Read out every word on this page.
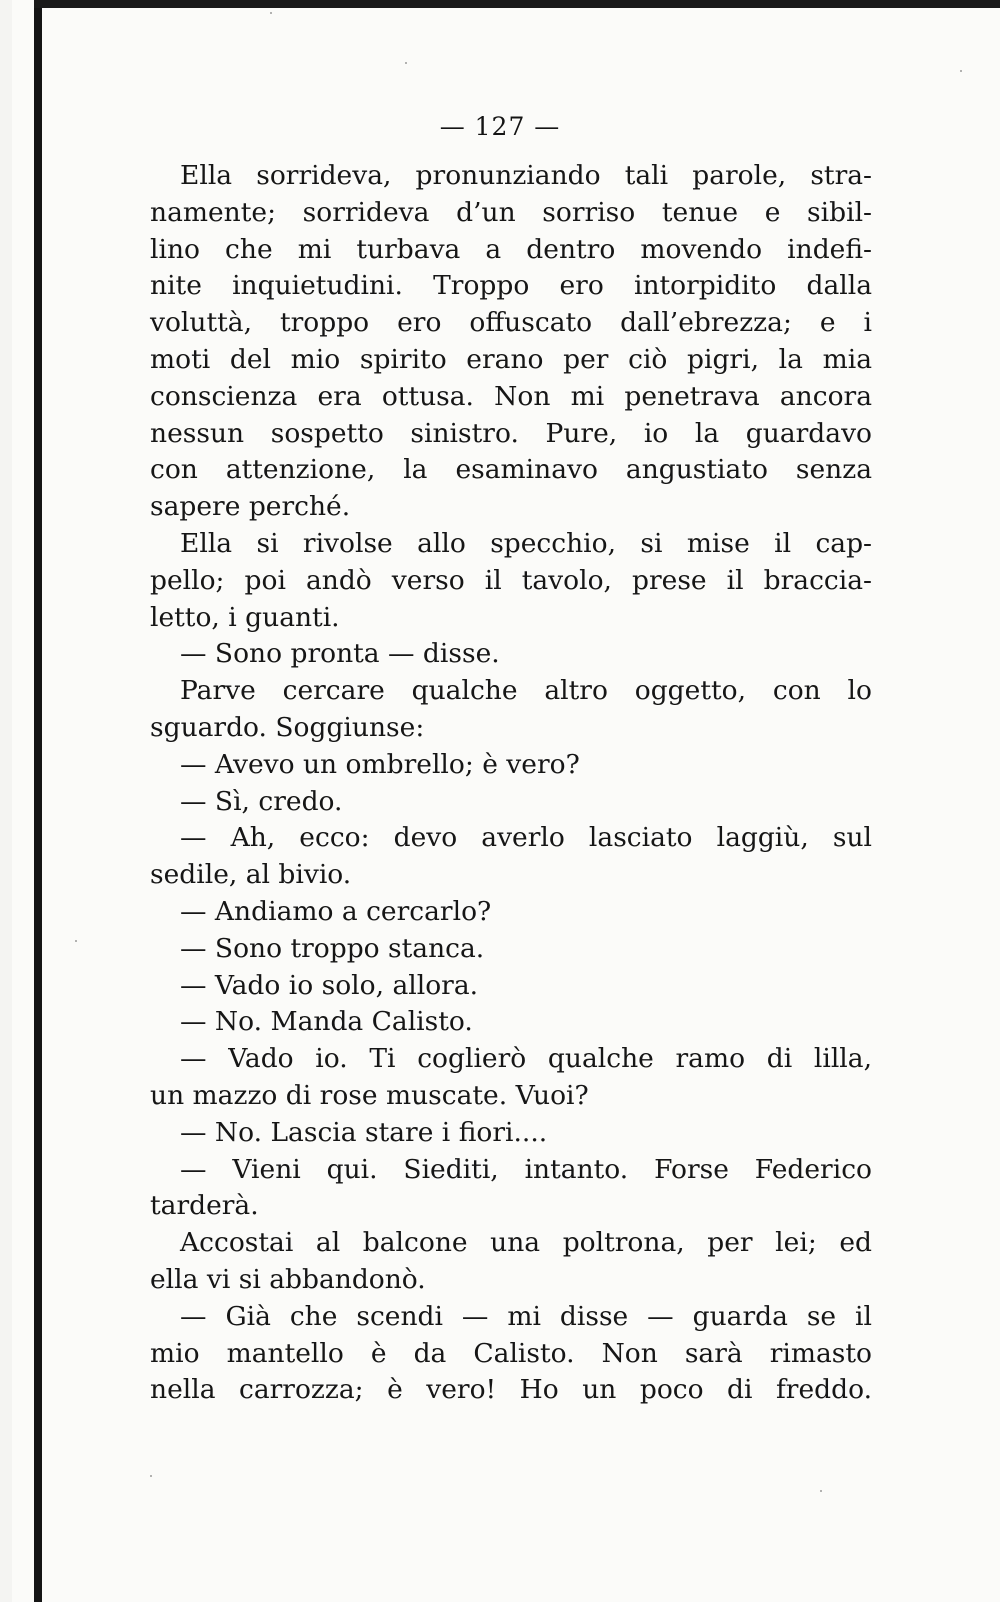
— 127 —
Ella sorrideva, pronunziando tali parole, stra-
namente; sorrideva d’un sorriso tenue e sibil-
lino che mi turbava a dentro movendo indefi-
nite inquietudini. Troppo ero intorpidito dalla
voluttà, troppo ero offuscato dall’ebrezza; e i
moti del mio spirito erano per ciò pigri, la mia
conscienza era ottusa. Non mi penetrava ancora
nessun sospetto sinistro. Pure, io la guardavo
con attenzione, la esaminavo angustiato senza
sapere perché.
Ella si rivolse allo specchio, si mise il cap-
pello; poi andò verso il tavolo, prese il braccia-
letto, i guanti.
— Sono pronta — disse.
Parve cercare qualche altro oggetto, con lo
sguardo. Soggiunse:
— Avevo un ombrello; è vero?
— Sì, credo.
— Ah, ecco: devo averlo lasciato laggiù, sul
sedile, al bivio.
— Andiamo a cercarlo?
— Sono troppo stanca.
— Vado io solo, allora.
— No. Manda Calisto.
— Vado io. Ti coglierò qualche ramo di lilla,
un mazzo di rose muscate. Vuoi?
— No. Lascia stare i fiori....
— Vieni qui. Siediti, intanto. Forse Federico
tarderà.
Accostai al balcone una poltrona, per lei; ed
ella vi si abbandonò.
— Già che scendi — mi disse — guarda se il
mio mantello è da Calisto. Non sarà rimasto
nella carrozza; è vero! Ho un poco di freddo.
